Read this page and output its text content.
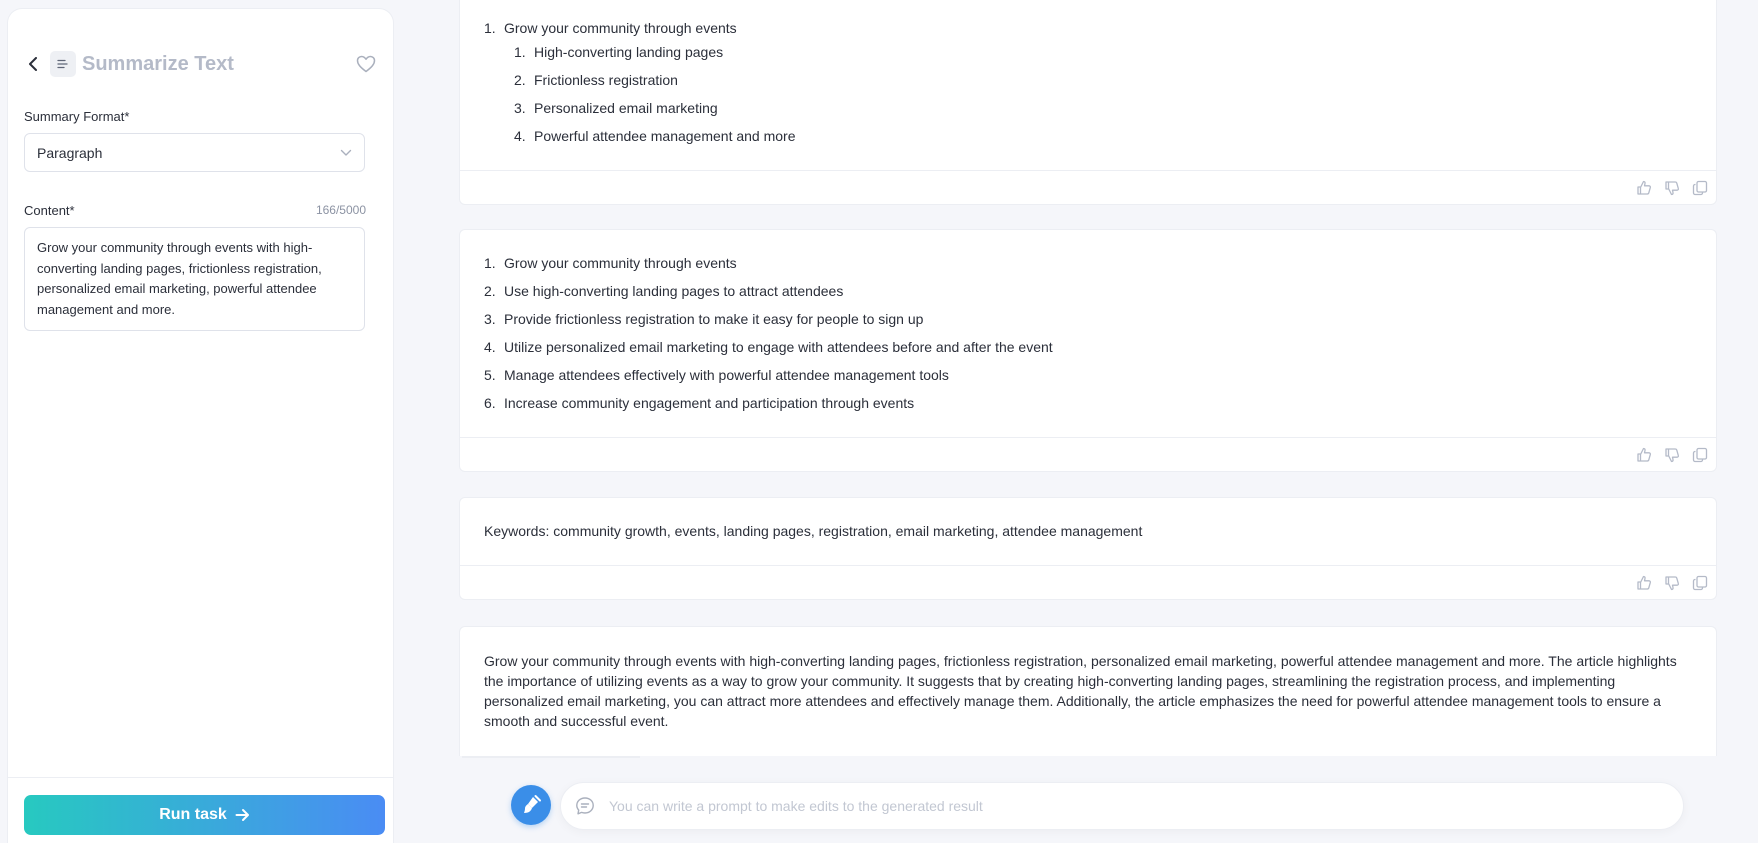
Summarize Text
Summary Format*
Paragraph
Content*	166/5000
Grow your community through events with high-converting landing pages, frictionless registration, personalized email marketing, powerful attendee management and more.
Run task
1. Grow your community through events
1. High-converting landing pages
2. Frictionless registration
3. Personalized email marketing
4. Powerful attendee management and more
1. Grow your community through events
2. Use high-converting landing pages to attract attendees
3. Provide frictionless registration to make it easy for people to sign up
4. Utilize personalized email marketing to engage with attendees before and after the event
5. Manage attendees effectively with powerful attendee management tools
6. Increase community engagement and participation through events

Keywords: community growth, events, landing pages, registration, email marketing, attendee management

Grow your community through events with high-converting landing pages, frictionless registration, personalized email marketing, powerful attendee management and more. The article highlights the importance of utilizing events as a way to grow your community. It suggests that by creating high-converting landing pages, streamlining the registration process, and implementing personalized email marketing, you can attract more attendees and effectively manage them. Additionally, the article emphasizes the need for powerful attendee management tools to ensure a smooth and successful event.

You can write a prompt to make edits to the generated result
